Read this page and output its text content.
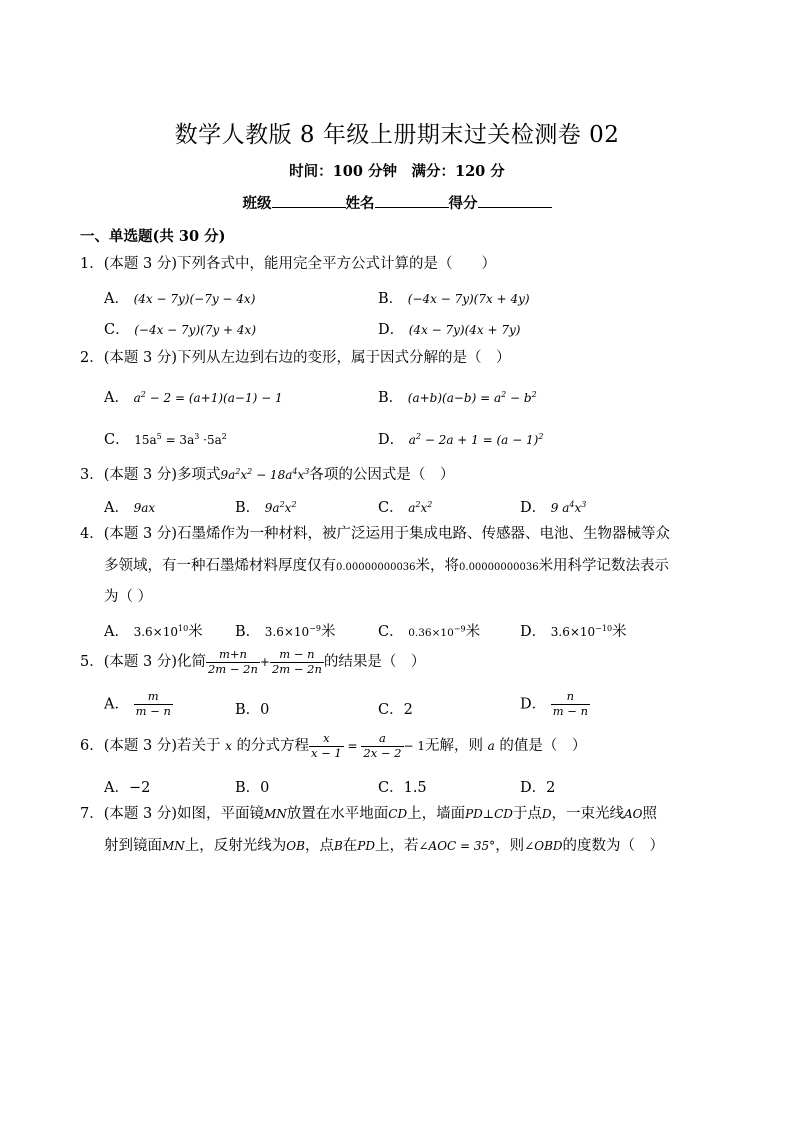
数学人教版 8 年级上册期末过关检测卷 02
时间：100 分钟　满分：120 分
班级	姓名	得分
一、单选题(共 30 分)
1．(本题 3 分)下列各式中，能用完全平方公式计算的是（　　）
A． (4x − 7y)(−7y − 4x)	B． (−4x − 7y)(7x + 4y)
C． (−4x − 7y)(7y + 4x)	D． (4x − 7y)(4x + 7y)
2．(本题 3 分)下列从左边到右边的变形，属于因式分解的是（　）
A． $a^2 - 2 = (a+1)(a-1) - 1$	B． $(a+b)(a-b) = a^2 - b^2$
C． $15a^5 = 3a^3 \cdot 5a^2$	D． $a^2 - 2a + 1 = (a - 1)^2$
3．(本题 3 分)多项式$9a^2x^2 - 18a^4x^3$各项的公因式是（　）
A． 9ax	B． $9a^2x^2$	C． $a^2x^2$	D． 9 $a^4x^3$
4．(本题 3 分)石墨烯作为一种材料，被广泛运用于集成电路、传感器、电池、生物器械等众
多领域，有一种石墨烯材料厚度仅有0.00000000036米，将0.00000000036米用科学记数法表示
为（ ）
A． $3.6\times 10^{10}$米 B． $3.6\times 10^{-9}$米	C． $0.36\times 10^{-9}$米	D． $3.6\times 10^{-10}$米
5．(本题 3 分)化简 $\frac{m+n}{2m - 2n} + \frac{m - n}{2m - 2n}$ 的结果是（　）
A． $\frac{m}{m - n}$	B．0	C．2	D． $\frac{n}{m - n}$
6．(本题 3 分)若关于 x 的分式方程 $\frac{x}{x - 1} = \frac{a}{2x - 2} - 1$无解，则 a 的值是（　）
A．−2	B．0	C．1.5	D．2
7．(本题 3 分)如图，平面镜MN放置在水平地面CD上，墙面PD⊥CD于点D，一束光线AO照
射到镜面MN上，反射光线为OB，点B在PD上，若∠AOC = 35°，则∠OBD的度数为（　）
